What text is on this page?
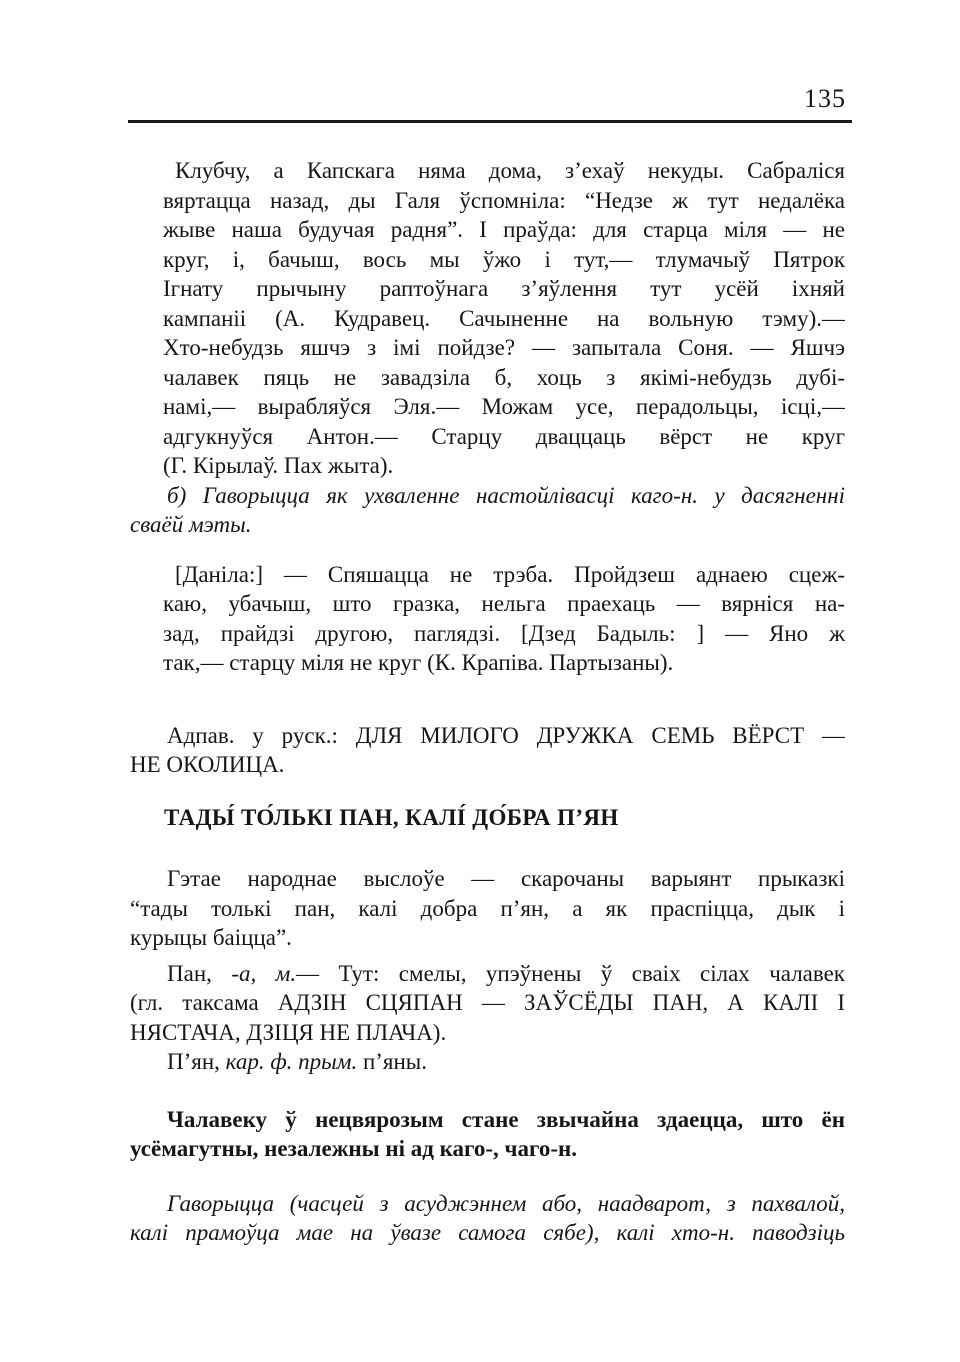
135
Клубчу, а Капскага няма дома, з’ехаў некуды. Сабраліся
вяртацца назад, ды Галя ўспомніла: “Недзе ж тут недалёка
жыве наша будучая радня”. І праўда: для старца міля — не
круг, і, бачыш, вось мы ўжо і тут,— тлумачыў Пятрок
Ігнату прычыну раптоўнага з’яўлення тут усёй іхняй
кампаніі (А. Кудравец. Сачыненне на вольную тэму).—
Хто-небудзь яшчэ з імі пойдзе? — запытала Соня. — Яшчэ
чалавек пяць не завадзіла б, хоць з якімі-небудзь дубі-
намі,— вырабляўся Эля.— Можам усе, перадольцы, ісці,—
адгукнуўся Антон.— Старцу дваццаць вёрст не круг
(Г. Кірылаў. Пах жыта).
б) Гаворыцца як ухваленне настойлівасці каго-н. у дасягненні
сваёй мэты.
[Даніла:] — Спяшацца не трэба. Пройдзеш аднаею сцеж-
каю, убачыш, што гразка, нельга праехаць — вярніся на-
зад, прайдзі другою, паглядзі. [Дзед Бадыль: ] — Яно ж
так,— старцу міля не круг (К. Крапіва. Партызаны).
Адпав. у руск.: ДЛЯ МИЛОГО ДРУЖКА СЕМЬ ВЁРСТ —
НЕ ОКОЛИЦА.
ТАДЫ́ ТО́ЛЬКІ ПАН, КАЛІ́ ДО́БРА П’ЯН
Гэтае народнае выслоўе — скарочаны варыянт прыказкі
“тады толькі пан, калі добра п’ян, а як праспіцца, дык і
курыцы баіцца”.
Пан, -а, м.— Тут: смелы, упэўнены ў сваіх сілах чалавек
(гл. таксама АДЗІН СЦЯПАН — ЗАЎСЁДЫ ПАН, А КАЛІ І
НЯСТАЧА, ДЗІЦЯ НЕ ПЛАЧА).
П’ян, кар. ф. прым. п’яны.
Чалавеку ў нецвярозым стане звычайна здаецца, што ён
усёмагутны, незалежны ні ад каго-, чаго-н.
Гаворыцца (часцей з асуджэннем або, наадварот, з пахвалой,
калі прамоўца мае на ўвазе самога сябе), калі хто-н. паводзіць
